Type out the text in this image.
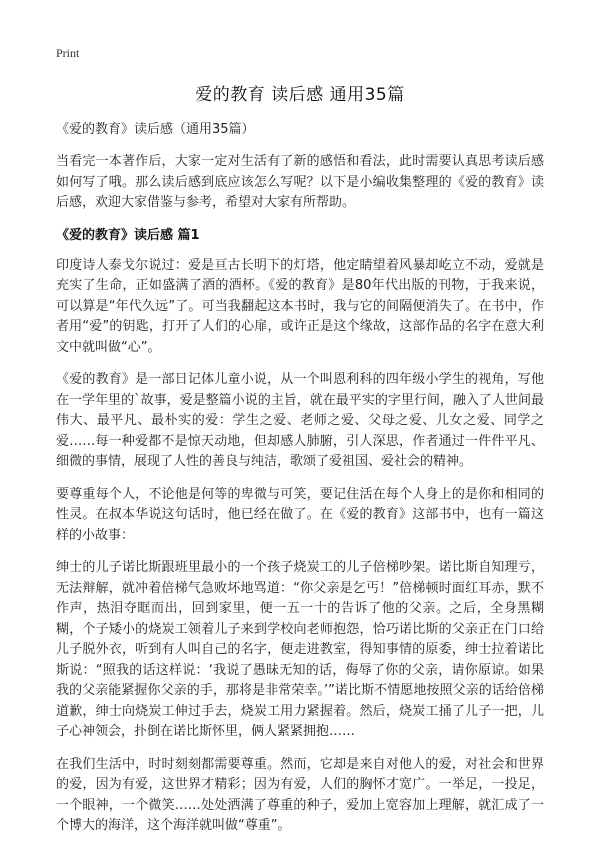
Print
爱的教育 读后感 通用35篇
《爱的教育》读后感（通用35篇）

当看完一本著作后，大家一定对生活有了新的感悟和看法，此时需要认真思考读后感如何写了哦。那么读后感到底应该怎么写呢？以下是小编收集整理的《爱的教育》读后感，欢迎大家借鉴与参考，希望对大家有所帮助。

《爱的教育》读后感 篇1

印度诗人泰戈尔说过：爱是亘古长明下的灯塔，他定睛望着风暴却屹立不动，爱就是充实了生命，正如盛满了酒的酒杯。《爱的教育》是80年代出版的刊物，于我来说，可以算是“年代久远”了。可当我翻起这本书时，我与它的间隔便消失了。在书中，作者用“爱”的钥匙，打开了人们的心扉，或许正是这个缘故，这部作品的名字在意大利文中就叫做“心”。

《爱的教育》是一部日记体儿童小说，从一个叫恩利科的四年级小学生的视角，写他在一学年里的`故事，爱是整篇小说的主旨，就在最平实的字里行间，融入了人世间最伟大、最平凡、最朴实的爱：学生之爱、老师之爱、父母之爱、儿女之爱、同学之爱……每一种爱都不是惊天动地，但却感人肺腑，引人深思，作者通过一件件平凡、细微的事情，展现了人性的善良与纯洁，歌颂了爱祖国、爱社会的精神。

要尊重每个人，不论他是何等的卑微与可笑，要记住活在每个人身上的是你和相同的性灵。在叔本华说这句话时，他已经在做了。在《爱的教育》这部书中，也有一篇这样的小故事：

绅士的儿子诺比斯跟班里最小的一个孩子烧炭工的儿子倍梯吵架。诺比斯自知理亏，无法辩解，就冲着倍梯气急败坏地骂道：“你父亲是乞丐！”倍梯顿时面红耳赤，默不作声，热泪夺眶而出，回到家里，便一五一十的告诉了他的父亲。之后，全身黑糊糊，个子矮小的烧炭工领着儿子来到学校向老师抱怨，恰巧诺比斯的父亲正在门口给儿子脱外衣，听到有人叫自己的名字，便走进教室，得知事情的原委，绅士拉着诺比斯说：“照我的话这样说：‘我说了愚昧无知的话，侮辱了你的父亲，请你原谅。如果我的父亲能紧握你父亲的手，那将是非常荣幸。’”诺比斯不情愿地按照父亲的话给倍梯道歉，绅士向烧炭工伸过手去，烧炭工用力紧握着。然后，烧炭工捅了儿子一把，儿子心神领会，扑倒在诺比斯怀里，俩人紧紧拥抱……

在我们生活中，时时刻刻都需要尊重。然而，它却是来自对他人的爱，对社会和世界的爱，因为有爱，这世界才精彩；因为有爱，人们的胸怀才宽广。一举足，一投足，一个眼神，一个微笑……处处洒满了尊重的种子，爱加上宽容加上理解，就汇成了一个博大的海洋，这个海洋就叫做“尊重”。
